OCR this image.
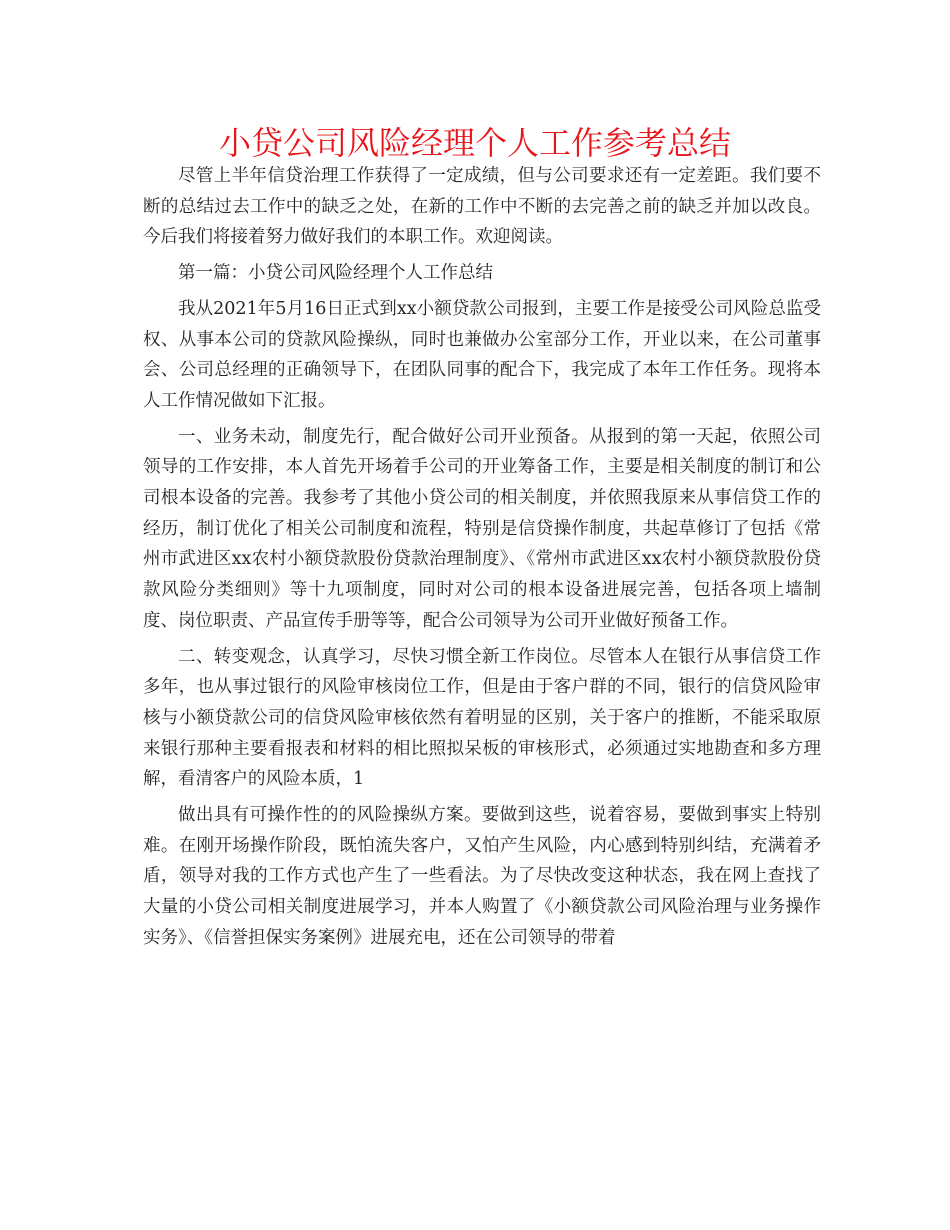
小贷公司风险经理个人工作参考总结

尽管上半年信贷治理工作获得了一定成绩，但与公司要求还有一定差距。我们要不断的总结过去工作中的缺乏之处，在新的工作中不断的去完善之前的缺乏并加以改良。今后我们将接着努力做好我们的本职工作。欢迎阅读。

第一篇：小贷公司风险经理个人工作总结

我从2021年5月16日正式到xx小额贷款公司报到，主要工作是接受公司风险总监受权、从事本公司的贷款风险操纵，同时也兼做办公室部分工作，开业以来，在公司董事会、公司总经理的正确领导下，在团队同事的配合下，我完成了本年工作任务。现将本人工作情况做如下汇报。

一、业务未动，制度先行，配合做好公司开业预备。从报到的第一天起，依照公司领导的工作安排，本人首先开场着手公司的开业筹备工作，主要是相关制度的制订和公司根本设备的完善。我参考了其他小贷公司的相关制度，并依照我原来从事信贷工作的经历，制订优化了相关公司制度和流程，特别是信贷操作制度，共起草修订了包括《常州市武进区xx农村小额贷款股份贷款治理制度》、《常州市武进区xx农村小额贷款股份贷款风险分类细则》等十九项制度，同时对公司的根本设备进展完善，包括各项上墙制度、岗位职责、产品宣传手册等等，配合公司领导为公司开业做好预备工作。

二、转变观念，认真学习，尽快习惯全新工作岗位。尽管本人在银行从事信贷工作多年，也从事过银行的风险审核岗位工作，但是由于客户群的不同，银行的信贷风险审核与小额贷款公司的信贷风险审核依然有着明显的区别，关于客户的推断，不能采取原来银行那种主要看报表和材料的相比照拟呆板的审核形式，必须通过实地勘查和多方理解，看清客户的风险本质，1

做出具有可操作性的的风险操纵方案。要做到这些，说着容易，要做到事实上特别难。在刚开场操作阶段，既怕流失客户，又怕产生风险，内心感到特别纠结，充满着矛盾，领导对我的工作方式也产生了一些看法。为了尽快改变这种状态，我在网上查找了大量的小贷公司相关制度进展学习，并本人购置了《小额贷款公司风险治理与业务操作实务》、《信誉担保实务案例》进展充电，还在公司领导的带着
